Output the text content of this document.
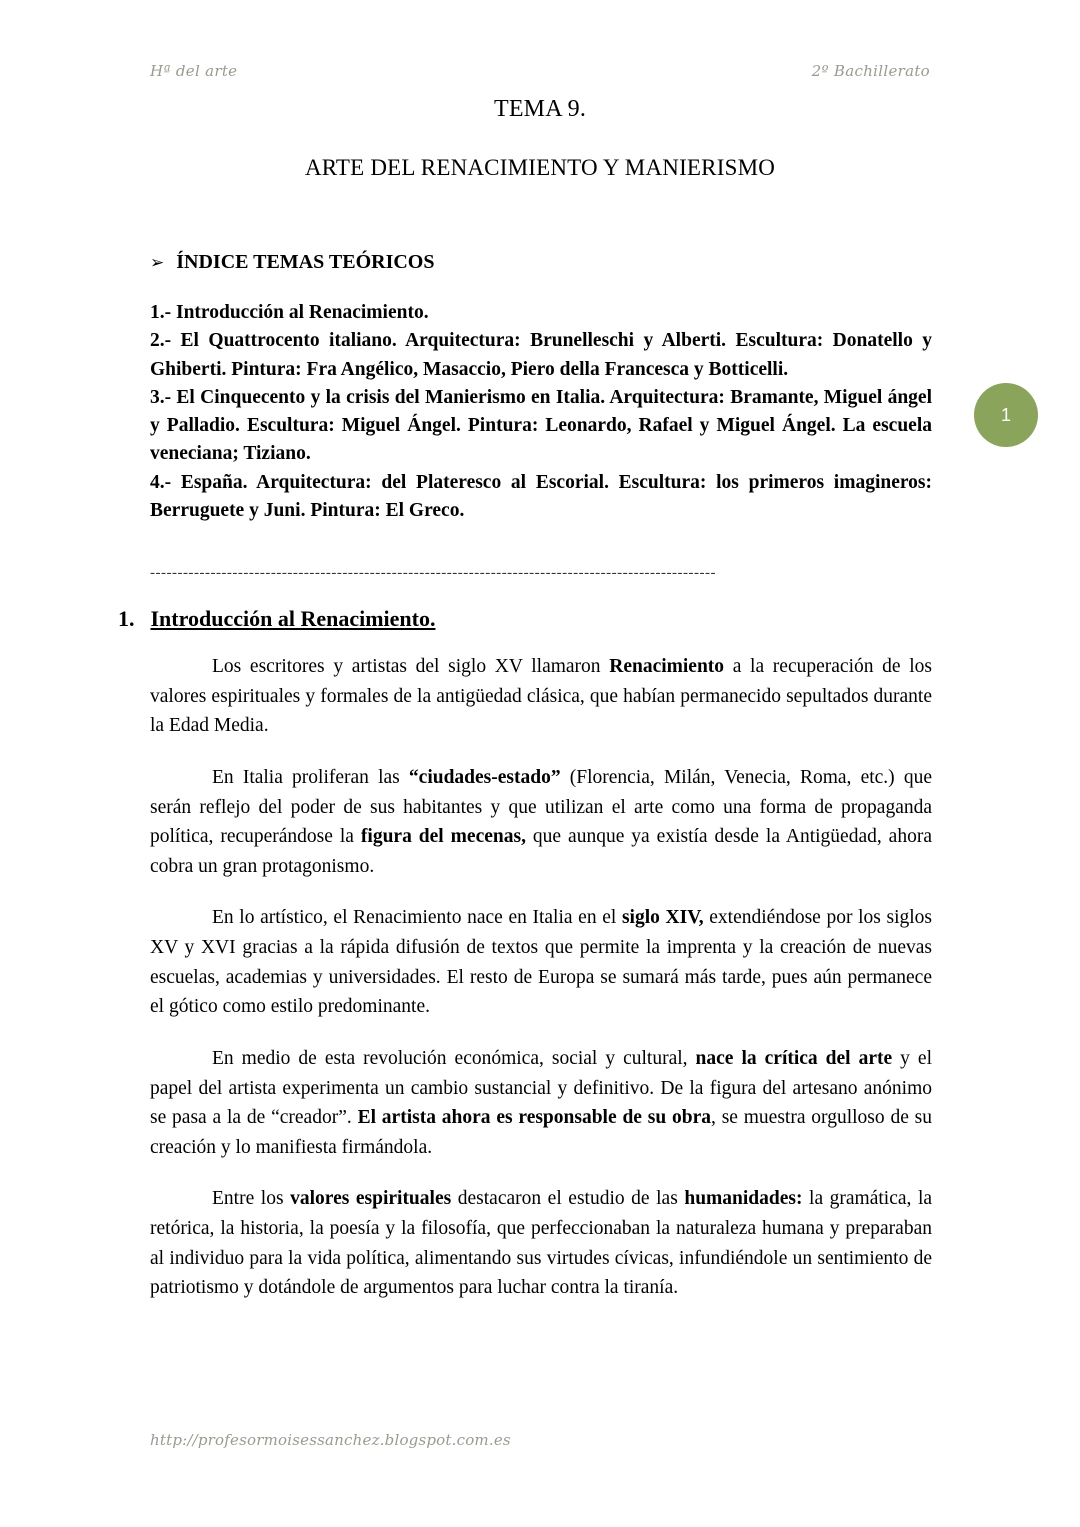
Hª del arte	2º Bachillerato
TEMA 9.
ARTE DEL RENACIMIENTO Y MANIERISMO
1
➢ ÍNDICE TEMAS TEÓRICOS

1.- Introducción al Renacimiento.

2.- El Quattrocento italiano. Arquitectura: Brunelleschi y Alberti. Escultura: Donatello y Ghiberti. Pintura: Fra Angélico, Masaccio, Piero della Francesca y Botticelli.

3.- El Cinquecento y la crisis del Manierismo en Italia. Arquitectura: Bramante, Miguel ángel y Palladio. Escultura: Miguel Ángel. Pintura: Leonardo, Rafael y Miguel Ángel. La escuela veneciana; Tiziano.

4.- España. Arquitectura: del Plateresco al Escorial. Escultura: los primeros imagineros: Berruguete y Juni. Pintura: El Greco.

-------------------------------------------------------------------------------------------------------
1. Introducción al Renacimiento.

Los escritores y artistas del siglo XV llamaron Renacimiento a la recuperación de los valores espirituales y formales de la antigüedad clásica, que habían permanecido sepultados durante la Edad Media.

En Italia proliferan las “ciudades-estado” (Florencia, Milán, Venecia, Roma, etc.) que serán reflejo del poder de sus habitantes y que utilizan el arte como una forma de propaganda política, recuperándose la figura del mecenas, que aunque ya existía desde la Antigüedad, ahora cobra un gran protagonismo.

En lo artístico, el Renacimiento nace en Italia en el siglo XIV, extendiéndose por los siglos XV y XVI gracias a la rápida difusión de textos que permite la imprenta y la creación de nuevas escuelas, academias y universidades. El resto de Europa se sumará más tarde, pues aún permanece el gótico como estilo predominante.

En medio de esta revolución económica, social y cultural, nace la crítica del arte y el papel del artista experimenta un cambio sustancial y definitivo. De la figura del artesano anónimo se pasa a la de “creador”. El artista ahora es responsable de su obra, se muestra orgulloso de su creación y lo manifiesta firmándola.

Entre los valores espirituales destacaron el estudio de las humanidades: la gramática, la retórica, la historia, la poesía y la filosofía, que perfeccionaban la naturaleza humana y preparaban al individuo para la vida política, alimentando sus virtudes cívicas, infundiéndole un sentimiento de patriotismo y dotándole de argumentos para luchar contra la tiranía.

http://profesormoisessanchez.blogspot.com.es
